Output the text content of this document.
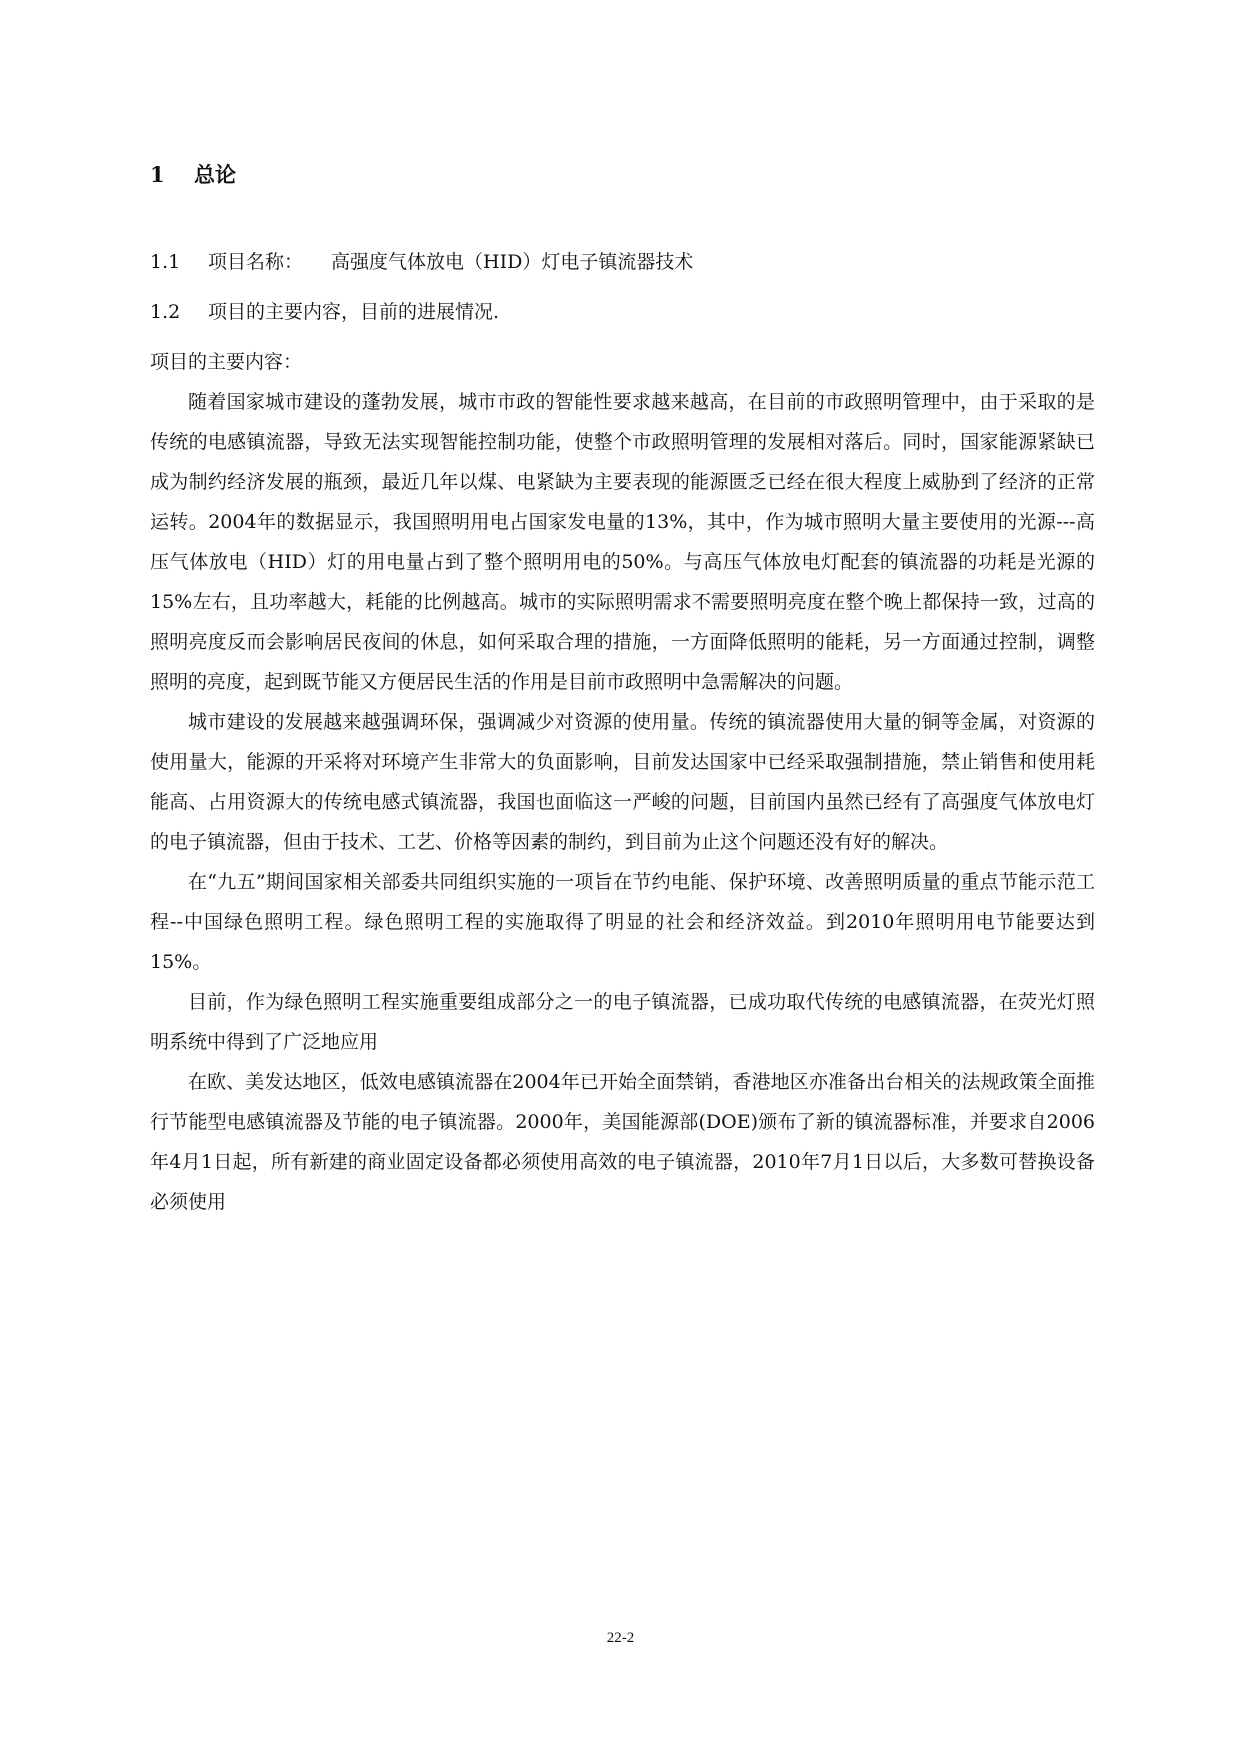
1 总论

1.1 项目名称： 高强度气体放电（HID）灯电子镇流器技术

1.2 项目的主要内容，目前的进展情况.

项目的主要内容：

随着国家城市建设的蓬勃发展，城市市政的智能性要求越来越高，在目前的市政照明管理中，由于采取的是传统的电感镇流器，导致无法实现智能控制功能，使整个市政照明管理的发展相对落后。同时，国家能源紧缺已成为制约经济发展的瓶颈，最近几年以煤、电紧缺为主要表现的能源匮乏已经在很大程度上威胁到了经济的正常运转。2004年的数据显示，我国照明用电占国家发电量的13%，其中，作为城市照明大量主要使用的光源---高压气体放电（HID）灯的用电量占到了整个照明用电的50%。与高压气体放电灯配套的镇流器的功耗是光源的15%左右，且功率越大，耗能的比例越高。城市的实际照明需求不需要照明亮度在整个晚上都保持一致，过高的照明亮度反而会影响居民夜间的休息，如何采取合理的措施，一方面降低照明的能耗，另一方面通过控制，调整照明的亮度，起到既节能又方便居民生活的作用是目前市政照明中急需解决的问题。

城市建设的发展越来越强调环保，强调减少对资源的使用量。传统的镇流器使用大量的铜等金属，对资源的使用量大，能源的开采将对环境产生非常大的负面影响，目前发达国家中已经采取强制措施，禁止销售和使用耗能高、占用资源大的传统电感式镇流器，我国也面临这一严峻的问题，目前国内虽然已经有了高强度气体放电灯的电子镇流器，但由于技术、工艺、价格等因素的制约，到目前为止这个问题还没有好的解决。

在“九五”期间国家相关部委共同组织实施的一项旨在节约电能、保护环境、改善照明质量的重点节能示范工程--中国绿色照明工程。绿色照明工程的实施取得了明显的社会和经济效益。到2010年照明用电节能要达到15%。

目前，作为绿色照明工程实施重要组成部分之一的电子镇流器，已成功取代传统的电感镇流器，在荧光灯照明系统中得到了广泛地应用

在欧、美发达地区，低效电感镇流器在2004年已开始全面禁销，香港地区亦准备出台相关的法规政策全面推行节能型电感镇流器及节能的电子镇流器。2000年，美国能源部(DOE)颁布了新的镇流器标准，并要求自2006年4月1日起，所有新建的商业固定设备都必须使用高效的电子镇流器，2010年7月1日以后，大多数可替换设备必须使用

22-2
